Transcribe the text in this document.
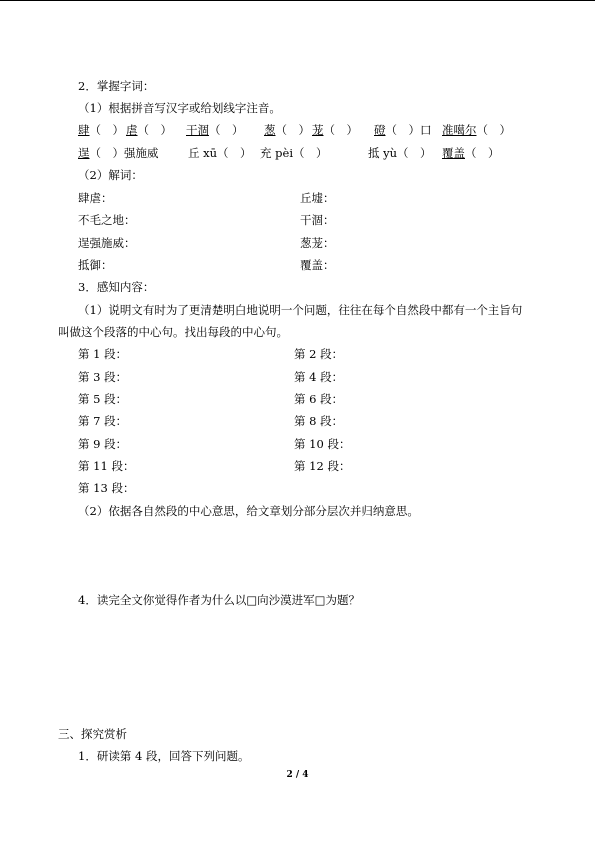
2．掌握字词：
（1）根据拼音写汉字或给划线字注音。
肆（　） 虐（　） 干涸（　） 葱（　） 茏（　） 磴（　）口 准噶尔（　）
逞（　）强施威	丘 xū（　） 充 pèi（　）	抵 yù（　） 覆盖（　）
（2）解词：
肆虐：	丘墟：
不毛之地：	干涸：
逞强施威：	葱茏：
抵御：	覆盖：
3．感知内容：
（1）说明文有时为了更清楚明白地说明一个问题，往往在每个自然段中都有一个主旨句
叫做这个段落的中心句。找出每段的中心句。
第 1 段：	第 2 段：
第 3 段：	第 4 段：
第 5 段：	第 6 段：
第 7 段：	第 8 段：
第 9 段：	第 10 段：
第 11 段：	第 12 段：
第 13 段：
（2）依据各自然段的中心意思，给文章划分部分层次并归纳意思。
4．读完全文你觉得作者为什么以□向沙漠进军□为题？
三、探究赏析
1．研读第 4 段，回答下列问题。
2 / 4
